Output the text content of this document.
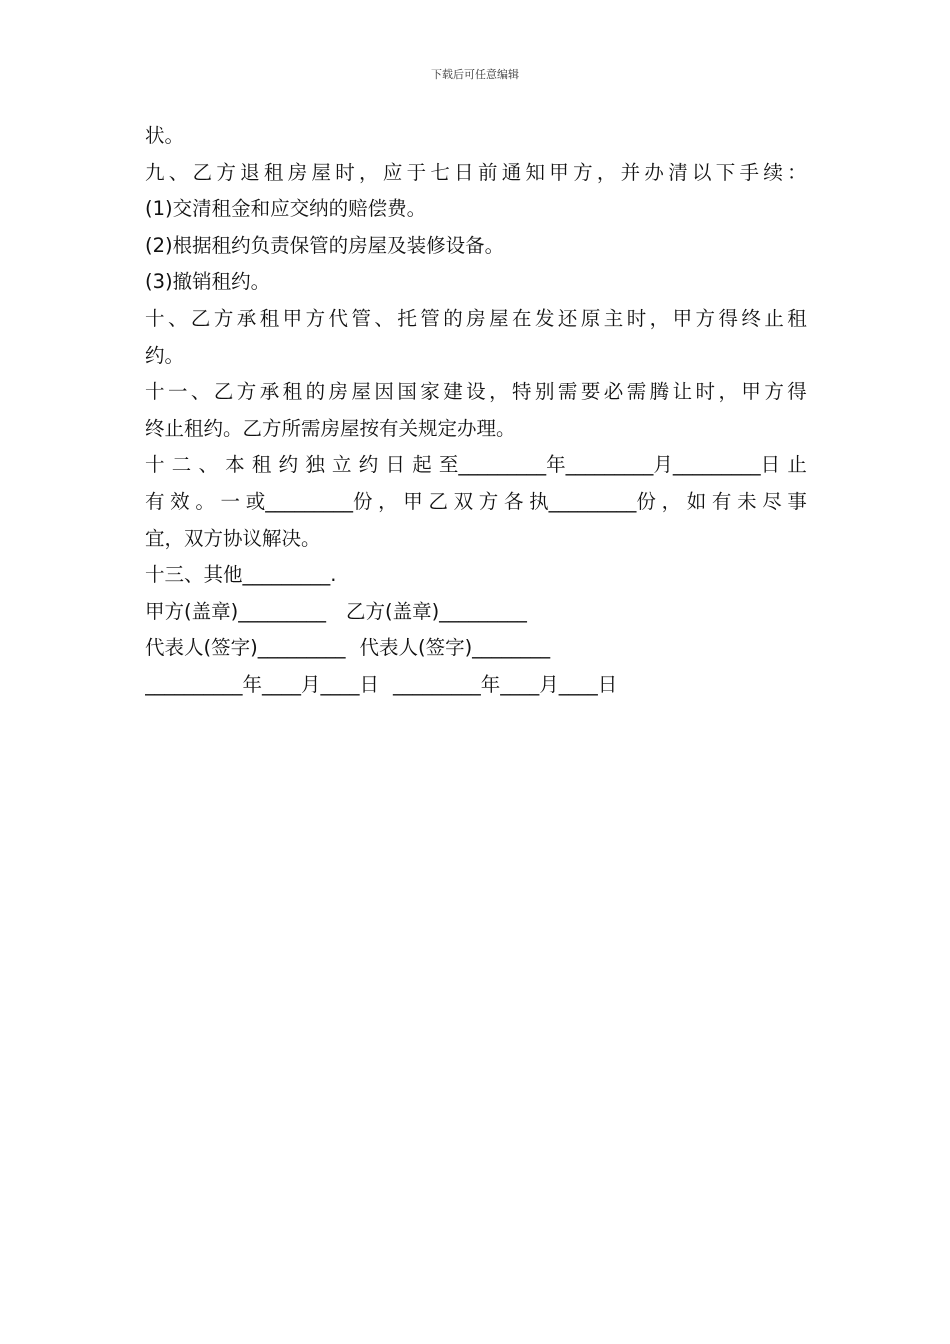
下载后可任意编辑
状。
九 、 乙 方 退 租 房 屋 时 ， 应 于 七 日 前 通 知 甲 方 ， 并 办 清 以 下 手 续 ：
(1)交清租金和应交纳的赔偿费。
(2)根据租约负责保管的房屋及装修设备。
(3)撤销租约。
十 、 乙 方 承 租 甲 方 代 管 、 托 管 的 房 屋 在 发 还 原 主 时 ， 甲 方 得 终 止 租
约。
十 一 、 乙 方 承 租 的 房 屋 因 国 家 建 设 ， 特 别 需 要 必 需 腾 让 时 ， 甲 方 得
终止租约。乙方所需房屋按有关规定办理。
十 二 、 本 租 约 独 立 约 日 起 至_________年_________月_________日 止
有 效 。 一 或_________份 ， 甲 乙 双 方 各 执_________份 ， 如 有 未 尽 事
宜，双方协议解决。
十三、其他_________.
甲方(盖章)_________ 乙方(盖章)_________
代表人(签字)_________ 代表人(签字)________
__________年____月____日 _________年____月____日
